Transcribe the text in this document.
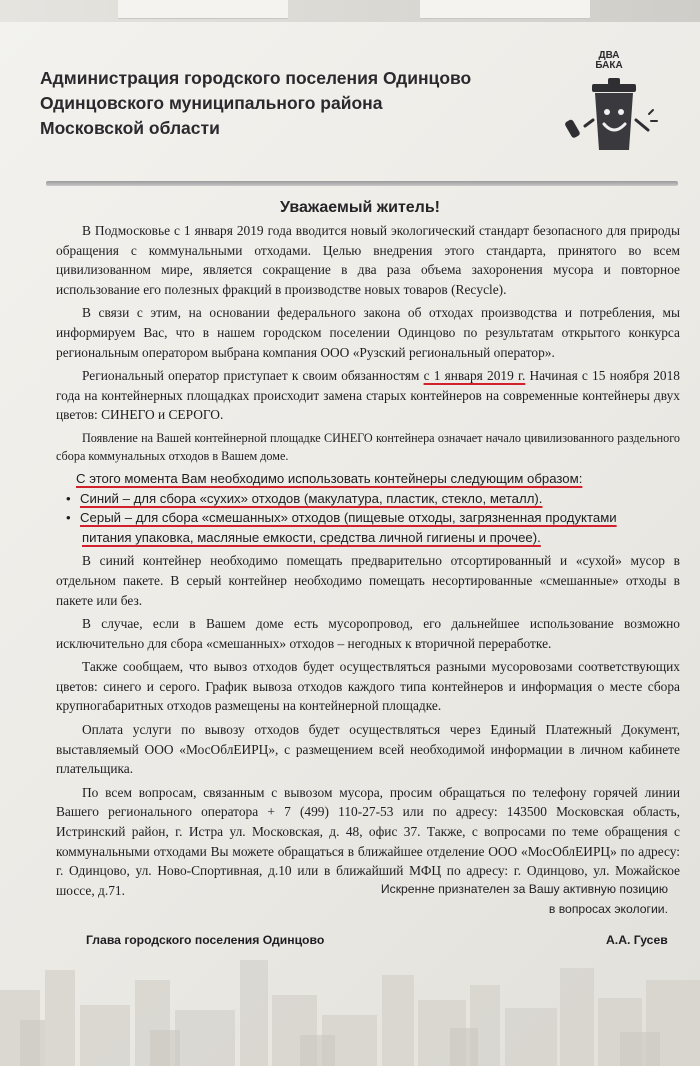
Администрация городского поселения Одинцово
Одинцовского муниципального района
Московской области
ДВА
БАКА
Уважаемый житель!

В Подмосковье с 1 января 2019 года вводится новый экологический стандарт безопасного для природы обращения с коммунальными отходами. Целью внедрения этого стандарта, принятого во всем цивилизованном мире, является сокращение в два раза объема захоронения мусора и повторное использование его полезных фракций в производстве новых товаров (Recycle).

В связи с этим, на основании федерального закона об отходах производства и потребления, мы информируем Вас, что в нашем городском поселении Одинцово по результатам открытого конкурса региональным оператором выбрана компания ООО «Рузский региональный оператор».

Региональный оператор приступает к своим обязанностям с 1 января 2019 г. Начиная с 15 ноября 2018 года на контейнерных площадках происходит замена старых контейнеров на современные контейнеры двух цветов: СИНЕГО и СЕРОГО.

Появление на Вашей контейнерной площадке СИНЕГО контейнера означает начало цивилизованного раздельного сбора коммунальных отходов в Вашем доме.

С этого момента Вам необходимо использовать контейнеры следующим образом:
• Синий – для сбора «сухих» отходов (макулатура, пластик, стекло, металл).
• Серый – для сбора «смешанных» отходов (пищевые отходы, загрязненная продуктами
питания упаковка, масляные емкости, средства личной гигиены и прочее).

В синий контейнер необходимо помещать предварительно отсортированный и «сухой» мусор в отдельном пакете. В серый контейнер необходимо помещать несортированные «смешанные» отходы в пакете или без.

В случае, если в Вашем доме есть мусоропровод, его дальнейшее использование возможно исключительно для сбора «смешанных» отходов – негодных к вторичной переработке.

Также сообщаем, что вывоз отходов будет осуществляться разными мусоровозами соответствующих цветов: синего и серого. График вывоза отходов каждого типа контейнеров и информация о месте сбора крупногабаритных отходов размещены на контейнерной площадке.

Оплата услуги по вывозу отходов будет осуществляться через Единый Платежный Документ, выставляемый ООО «МосОблЕИРЦ», с размещением всей необходимой информации в личном кабинете плательщика.

По всем вопросам, связанным с вывозом мусора, просим обращаться по телефону горячей линии Вашего регионального оператора + 7 (499) 110-27-53 или по адресу: 143500 Московская область, Истринский район, г. Истра ул. Московская, д. 48, офис 37. Также, с вопросами по теме обращения с коммунальными отходами Вы можете обращаться в ближайшее отделение ООО «МосОблЕИРЦ» по адресу: г. Одинцово, ул. Ново-Спортивная, д.10 или в ближайший МФЦ по адресу: г. Одинцово, ул. Можайское шоссе, д.71.	Искренне признателен за Вашу активную позицию
в вопросах экологии.
Глава городского поселения Одинцово	А.А. Гусев
